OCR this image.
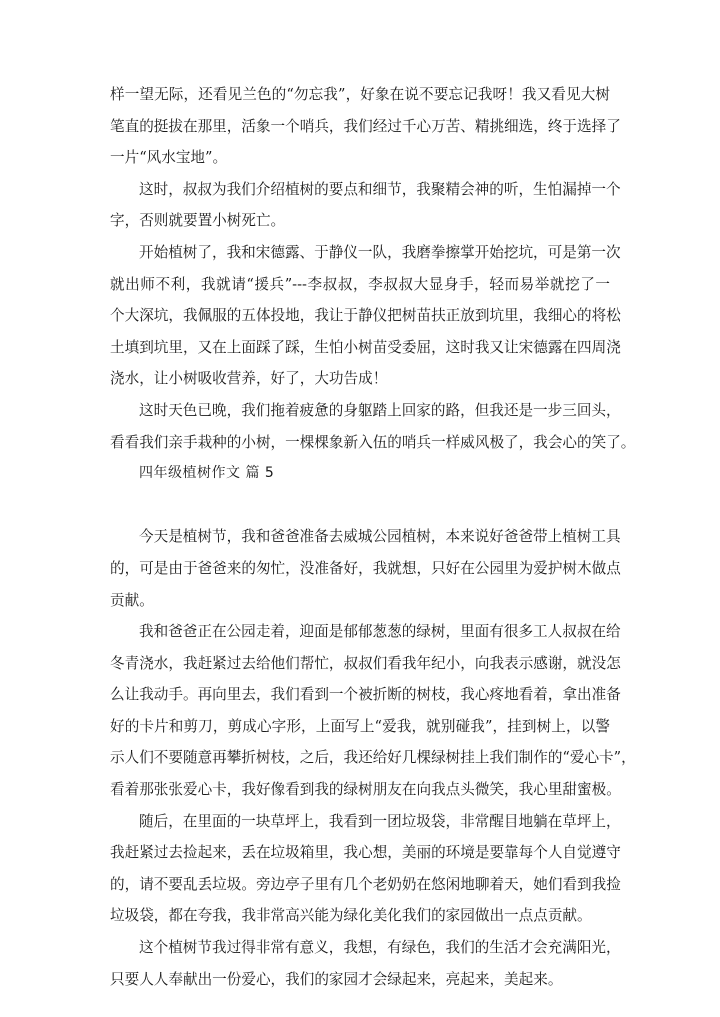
样一望无际，还看见兰色的“勿忘我”，好象在说不要忘记我呀！我又看见大树
笔直的挺拔在那里，活象一个哨兵，我们经过千心万苦、精挑细选，终于选择了
一片“风水宝地”。
这时，叔叔为我们介绍植树的要点和细节，我聚精会神的听，生怕漏掉一个
字，否则就要置小树死亡。
开始植树了，我和宋德露、于静仪一队，我磨拳擦掌开始挖坑，可是第一次
就出师不利，我就请“援兵”---李叔叔，李叔叔大显身手，轻而易举就挖了一
个大深坑，我佩服的五体投地，我让于静仪把树苗扶正放到坑里，我细心的将松
土填到坑里，又在上面踩了踩，生怕小树苗受委屈，这时我又让宋德露在四周浇
浇水，让小树吸收营养，好了，大功告成！
这时天色已晚，我们拖着疲惫的身躯踏上回家的路，但我还是一步三回头，
看看我们亲手栽种的小树，一棵棵象新入伍的哨兵一样威风极了，我会心的笑了。
四年级植树作文 篇 5
今天是植树节，我和爸爸准备去威城公园植树，本来说好爸爸带上植树工具
的，可是由于爸爸来的匆忙，没准备好，我就想，只好在公园里为爱护树木做点
贡献。
我和爸爸正在公园走着，迎面是郁郁葱葱的绿树，里面有很多工人叔叔在给
冬青浇水，我赶紧过去给他们帮忙，叔叔们看我年纪小，向我表示感谢，就没怎
么让我动手。再向里去，我们看到一个被折断的树枝，我心疼地看着，拿出准备
好的卡片和剪刀，剪成心字形，上面写上“爱我，就别碰我”，挂到树上，以警
示人们不要随意再攀折树枝，之后，我还给好几棵绿树挂上我们制作的“爱心卡”，
看着那张张爱心卡，我好像看到我的绿树朋友在向我点头微笑，我心里甜蜜极。
随后，在里面的一块草坪上，我看到一团垃圾袋，非常醒目地躺在草坪上，
我赶紧过去捡起来，丢在垃圾箱里，我心想，美丽的环境是要靠每个人自觉遵守
的，请不要乱丢垃圾。旁边亭子里有几个老奶奶在悠闲地聊着天，她们看到我捡
垃圾袋，都在夸我，我非常高兴能为绿化美化我们的家园做出一点点贡献。
这个植树节我过得非常有意义，我想，有绿色，我们的生活才会充满阳光，
只要人人奉献出一份爱心，我们的家园才会绿起来，亮起来，美起来。
